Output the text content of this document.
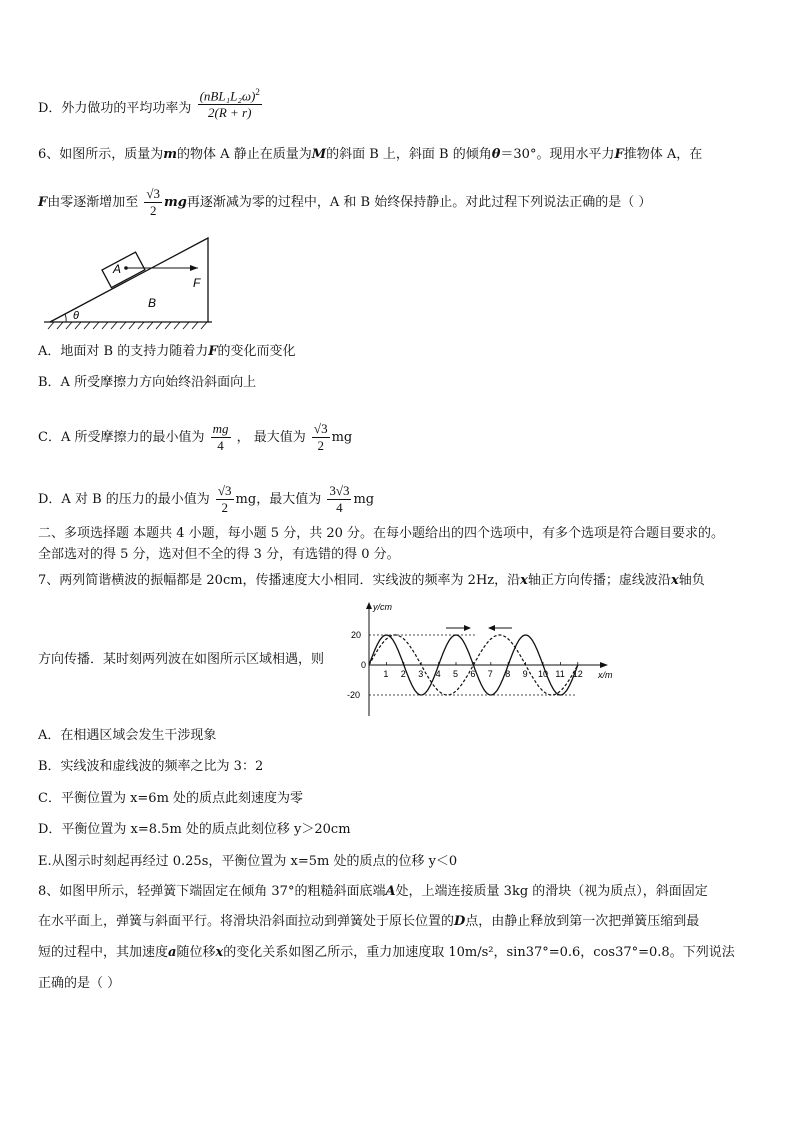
D．外力做功的平均功率为 $\frac{(nBL_1L_2\omega)^2}{2(R + r)}$
6、如图所示，质量为m的物体 A 静止在质量为M的斜面 B 上，斜面 B 的倾角θ＝30°。现用水平力F推物体 A，在
F由零逐渐增加至 $\frac{√3}{2}$ mg再逐渐减为零的过程中，A 和 B 始终保持静止。对此过程下列说法正确的是（ ）
A
F
B
θ
A．地面对 B 的支持力随着力F的变化而变化
B．A 所受摩擦力方向始终沿斜面向上
C．A 所受摩擦力的最小值为 $\frac{mg}{4}$ ， 最大值为 $\frac{√3}{2}$ mg
D．A 对 B 的压力的最小值为 $\frac{√3}{2}$ mg，最大值为 $\frac{3√3}{4}$ mg
二、多项选择题 本题共 4 小题，每小题 5 分，共 20 分。在每小题给出的四个选项中，有多个选项是符合题目要求的。
全部选对的得 5 分，选对但不全的得 3 分，有选错的得 0 分。
7、两列简谐横波的振幅都是 20cm，传播速度大小相同．实线波的频率为 2Hz，沿x轴正方向传播；虚线波沿x轴负
方向传播．某时刻两列波在如图所示区域相遇，则
y/cm
x/m
20
0
-20
1 2 3 4 5 6 7 8 9 10 11 12
A．在相遇区域会发生干涉现象
B．实线波和虚线波的频率之比为 3：2
C．平衡位置为 x=6m 处的质点此刻速度为零
D．平衡位置为 x=8.5m 处的质点此刻位移 y＞20cm
E.从图示时刻起再经过 0.25s，平衡位置为 x=5m 处的质点的位移 y＜0
8、如图甲所示，轻弹簧下端固定在倾角 37°的粗糙斜面底端A处，上端连接质量 3kg 的滑块（视为质点），斜面固定
在水平面上，弹簧与斜面平行。将滑块沿斜面拉动到弹簧处于原长位置的D点，由静止释放到第一次把弹簧压缩到最
短的过程中，其加速度a随位移x的变化关系如图乙所示，重力加速度取 10m/s²，sin37°=0.6，cos37°=0.8。下列说法
正确的是（ ）
